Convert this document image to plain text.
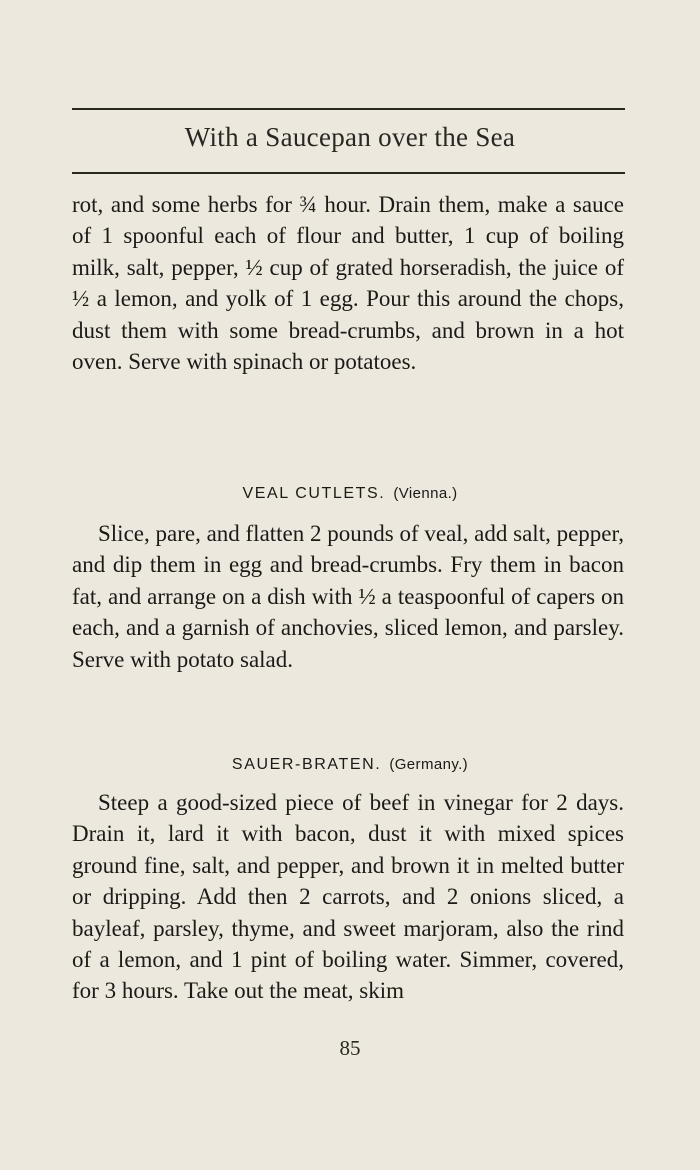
With a Saucepan over the Sea

rot, and some herbs for ¾ hour. Drain them, make a sauce of 1 spoonful each of flour and butter, 1 cup of boiling milk, salt, pepper, ½ cup of grated horseradish, the juice of ½ a lemon, and yolk of 1 egg. Pour this around the chops, dust them with some bread-crumbs, and brown in a hot oven. Serve with spinach or potatoes.

VEAL CUTLETS. (Vienna.)

Slice, pare, and flatten 2 pounds of veal, add salt, pepper, and dip them in egg and bread-crumbs. Fry them in bacon fat, and arrange on a dish with ½ a teaspoonful of capers on each, and a garnish of anchovies, sliced lemon, and parsley. Serve with potato salad.

SAUER-BRATEN. (Germany.)

Steep a good-sized piece of beef in vinegar for 2 days. Drain it, lard it with bacon, dust it with mixed spices ground fine, salt, and pepper, and brown it in melted butter or dripping. Add then 2 carrots, and 2 onions sliced, a bayleaf, parsley, thyme, and sweet marjoram, also the rind of a lemon, and 1 pint of boiling water. Simmer, covered, for 3 hours. Take out the meat, skim

85
